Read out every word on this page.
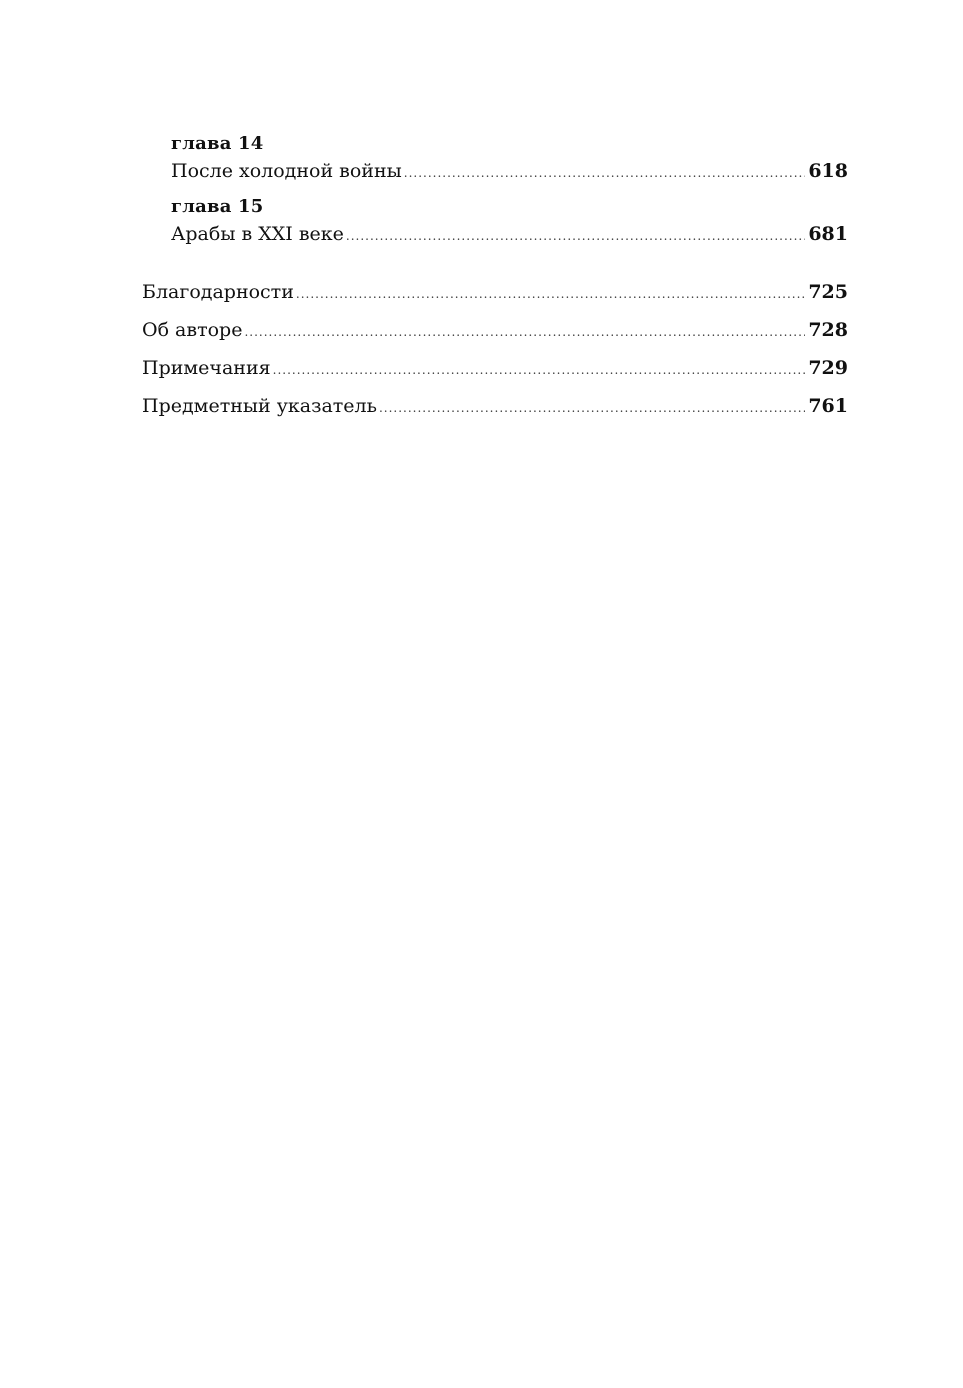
глава 14
После холодной войны .....	618
глава 15
Арабы в XXI веке .....	681
Благодарности .....	725
Об авторе .....	728
Примечания .....	729
Предметный указатель .....	761
